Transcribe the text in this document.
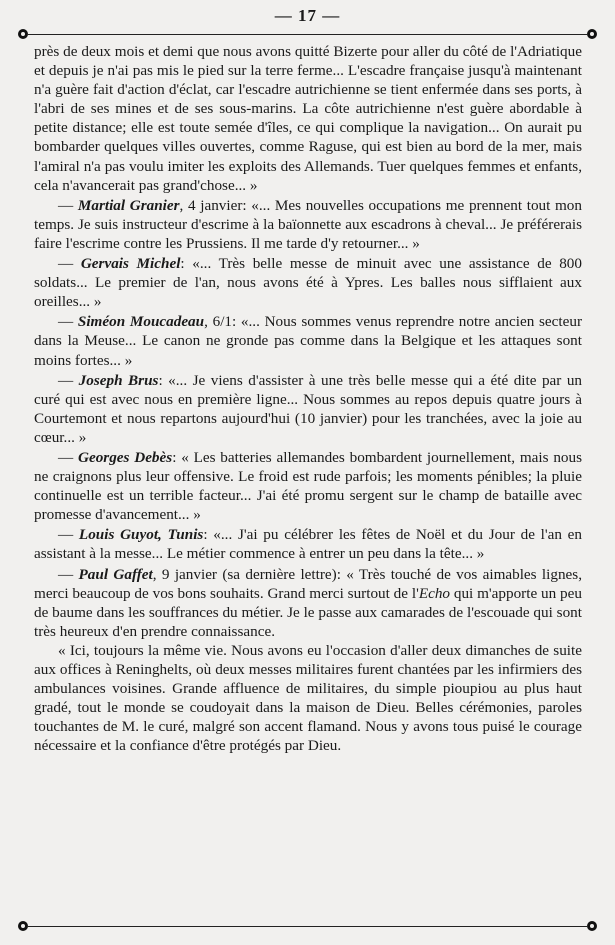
— 17 —

près de deux mois et demi que nous avons quitté Bizerte pour aller du côté de l'Adriatique et depuis je n'ai pas mis le pied sur la terre ferme... L'escadre française jusqu'à maintenant n'a guère fait d'action d'éclat, car l'escadre autrichienne se tient enfermée dans ses ports, à l'abri de ses mines et de ses sous-marins. La côte autrichienne n'est guère abordable à petite distance; elle est toute semée d'îles, ce qui complique la navigation... On aurait pu bombarder quelques villes ouvertes, comme Raguse, qui est bien au bord de la mer, mais l'amiral n'a pas voulu imiter les exploits des Allemands. Tuer quelques femmes et enfants, cela n'avancerait pas grand'chose... »

— Martial Granier, 4 janvier: «... Mes nouvelles occupations me prennent tout mon temps. Je suis instructeur d'escrime à la baïonnette aux escadrons à cheval... Je préférerais faire l'escrime contre les Prussiens. Il me tarde d'y retourner... »

— Gervais Michel: «... Très belle messe de minuit avec une assistance de 800 soldats... Le premier de l'an, nous avons été à Ypres. Les balles nous sifflaient aux oreilles... »

— Siméon Moucadeau, 6/1: «... Nous sommes venus reprendre notre ancien secteur dans la Meuse... Le canon ne gronde pas comme dans la Belgique et les attaques sont moins fortes... »

— Joseph Brus: «... Je viens d'assister à une très belle messe qui a été dite par un curé qui est avec nous en première ligne... Nous sommes au repos depuis quatre jours à Courtemont et nous repartons aujourd'hui (10 janvier) pour les tranchées, avec la joie au cœur... »

— Georges Debès: « Les batteries allemandes bombardent journellement, mais nous ne craignons plus leur offensive. Le froid est rude parfois; les moments pénibles; la pluie continuelle est un terrible facteur... J'ai été promu sergent sur le champ de bataille avec promesse d'avancement... »

— Louis Guyot, Tunis: «... J'ai pu célébrer les fêtes de Noël et du Jour de l'an en assistant à la messe... Le métier commence à entrer un peu dans la tête... »

— Paul Gaffet, 9 janvier (sa dernière lettre): « Très touché de vos aimables lignes, merci beaucoup de vos bons souhaits. Grand merci surtout de l'Echo qui m'apporte un peu de baume dans les souffrances du métier. Je le passe aux camarades de l'escouade qui sont très heureux d'en prendre connaissance.

« Ici, toujours la même vie. Nous avons eu l'occasion d'aller deux dimanches de suite aux offices à Reninghelts, où deux messes militaires furent chantées par les infirmiers des ambulances voisines. Grande affluence de militaires, du simple pioupiou au plus haut gradé, tout le monde se coudoyait dans la maison de Dieu. Belles cérémonies, paroles touchantes de M. le curé, malgré son accent flamand. Nous y avons tous puisé le courage nécessaire et la confiance d'être protégés par Dieu.
